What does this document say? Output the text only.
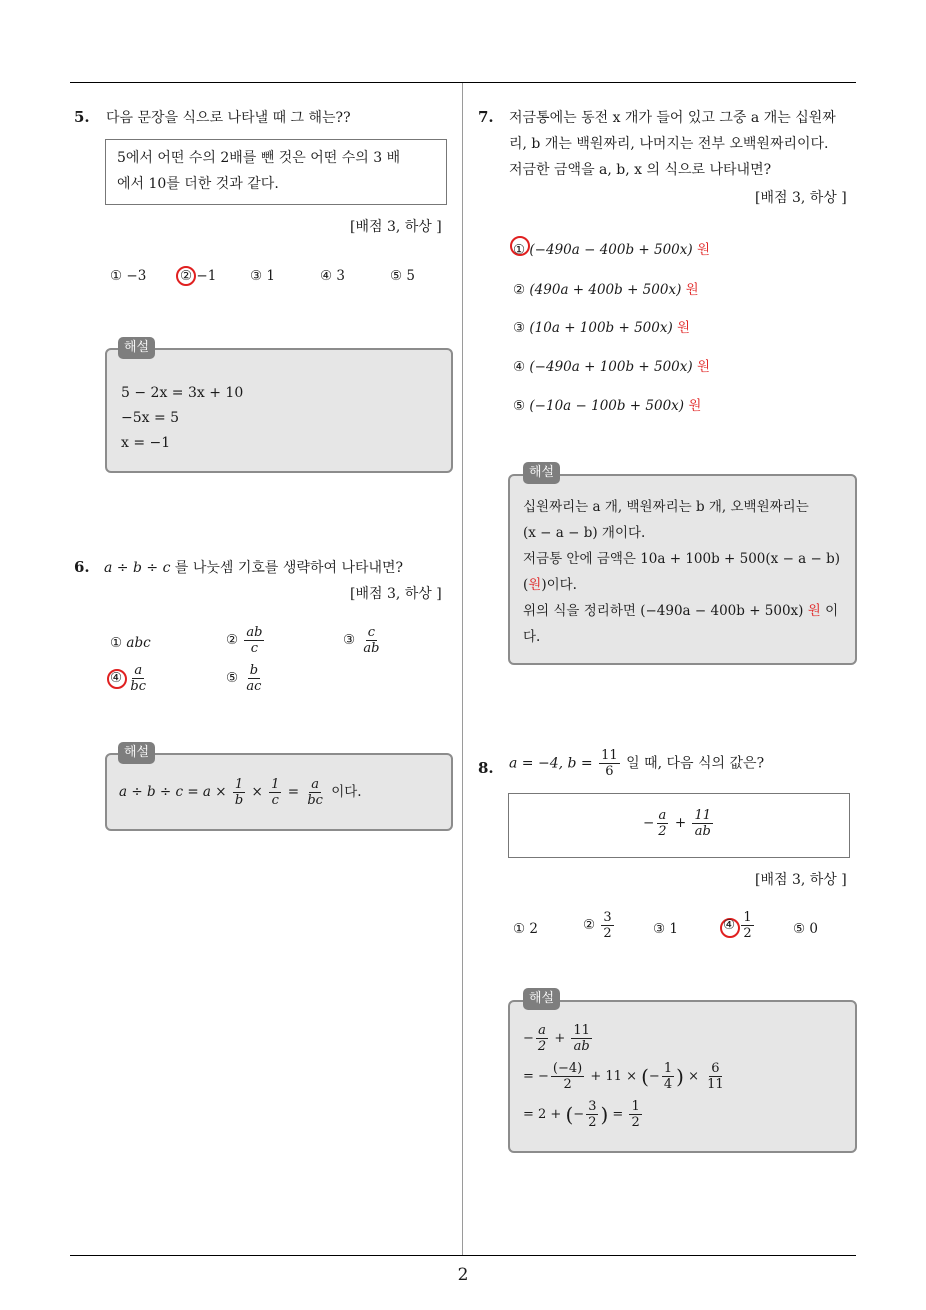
2
5. 다음 문장을 식으로 나타낼 때 그 해는??
5에서 어떤 수의 2배를 뺀 것은 어떤 수의 3 배
에서 10를 더한 것과 같다.
[배점 3, 하상 ]
① −3 ② −1 ③ 1	④ 3	⑤ 5
5 − 2x = 3x + 10
−5x = 5
x = −1
해설
6. a ÷ b ÷ c 를 나눗셈 기호를 생략하여 나타내면?
[배점 3, 하상 ]
① abc	② $\frac{ab}{c}$	③ $\frac{c}{ab}$
④ $\frac{a}{bc}$	⑤ $\frac{b}{ac}$
$a \div b \div c = a \times \frac{1}{b} \times \frac{1}{c} = \frac{a}{bc}$ 이다.
해설
7. 저금통에는 동전 x 개가 들어 있고 그중 a 개는 십원짜
리, b 개는 백원짜리, 나머지는 전부 오백원짜리이다.
저금한 금액을 a, b, x 의 식으로 나타내면?
[배점 3, 하상 ]
① (−490a − 400b + 500x) 원
② (490a + 400b + 500x) 원
③ (10a + 100b + 500x) 원
④ (−490a + 100b + 500x) 원
⑤ (−10a − 100b + 500x) 원
십원짜리는 a 개, 백원짜리는 b 개, 오백원짜리는
(x − a − b) 개이다.
저금통 안에 금액은 10a + 100b + 500(x − a − b)
(원)이다.
위의 식을 정리하면 (−490a − 400b + 500x) 원 이
다.
해설
8. a = −4, $b = \frac{11}{6}$ 일 때, 다음 식의 값은?
− $\frac{a}{2} + \frac{11}{ab}$
[배점 3, 하상 ]
① 2	② $\frac{3}{2}$	③ 1	④ $\frac{1}{2}$	⑤ 0
− $\frac{a}{2} + \frac{11}{ab}$
= − $\frac{(-4)}{2} + 11$ × (− $\frac{1}{4}$ ) × $\frac{6}{11}$
= 2 + (− $\frac{3}{2}$ ) = $\frac{1}{2}$
해설
